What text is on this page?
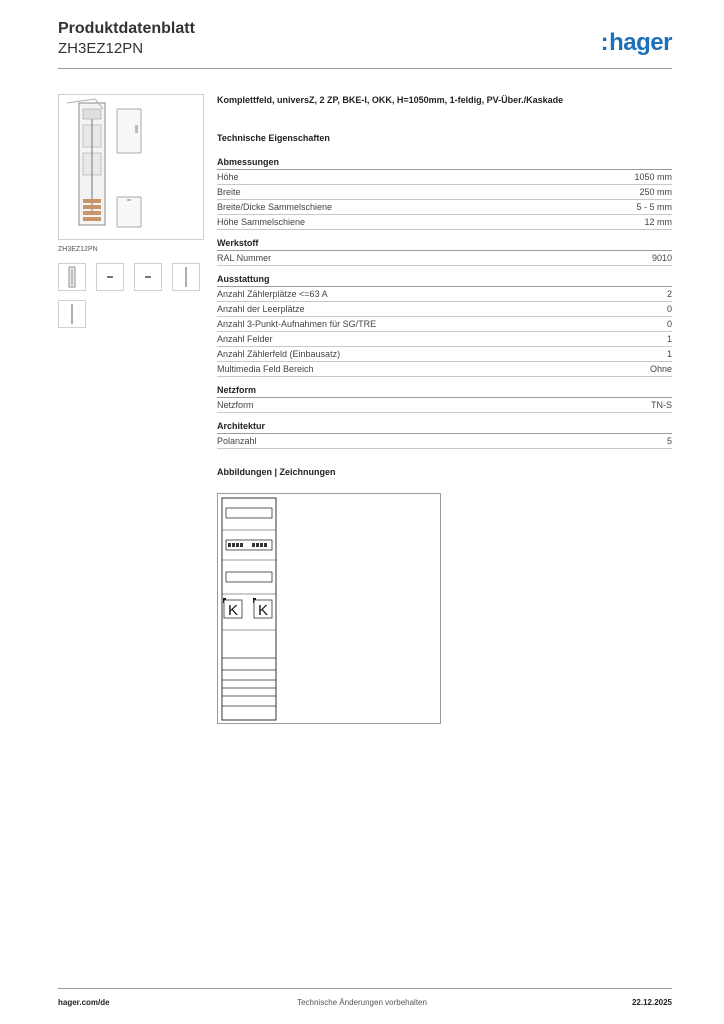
Produktdatenblatt
ZH3EZ12PN	:hager
ZH3EZ12PN
Komplettfeld, universZ, 2 ZP, BKE-I, OKK, H=1050mm, 1-feldig, PV-Über./Kaskade
Technische Eigenschaften
Abmessungen
Höhe	1050 mm
Breite	250 mm
Breite/Dicke Sammelschiene	5 - 5 mm
Höhe Sammelschiene	12 mm
Werkstoff
RAL Nummer	9010
Ausstattung
Anzahl Zählerplätze <=63 A	2
Anzahl der Leerplätze	0
Anzahl 3-Punkt-Aufnahmen für SG/TRE	0
Anzahl Felder	1
Anzahl Zählerfeld (Einbausatz)	1
Multimedia Feld Bereich	Ohne
Netzform
Netzform	TN-S
Architektur
Polanzahl	5
Abbildungen | Zeichnungen
K K
hager.com/de	Technische Änderungen vorbehalten	22.12.2025
